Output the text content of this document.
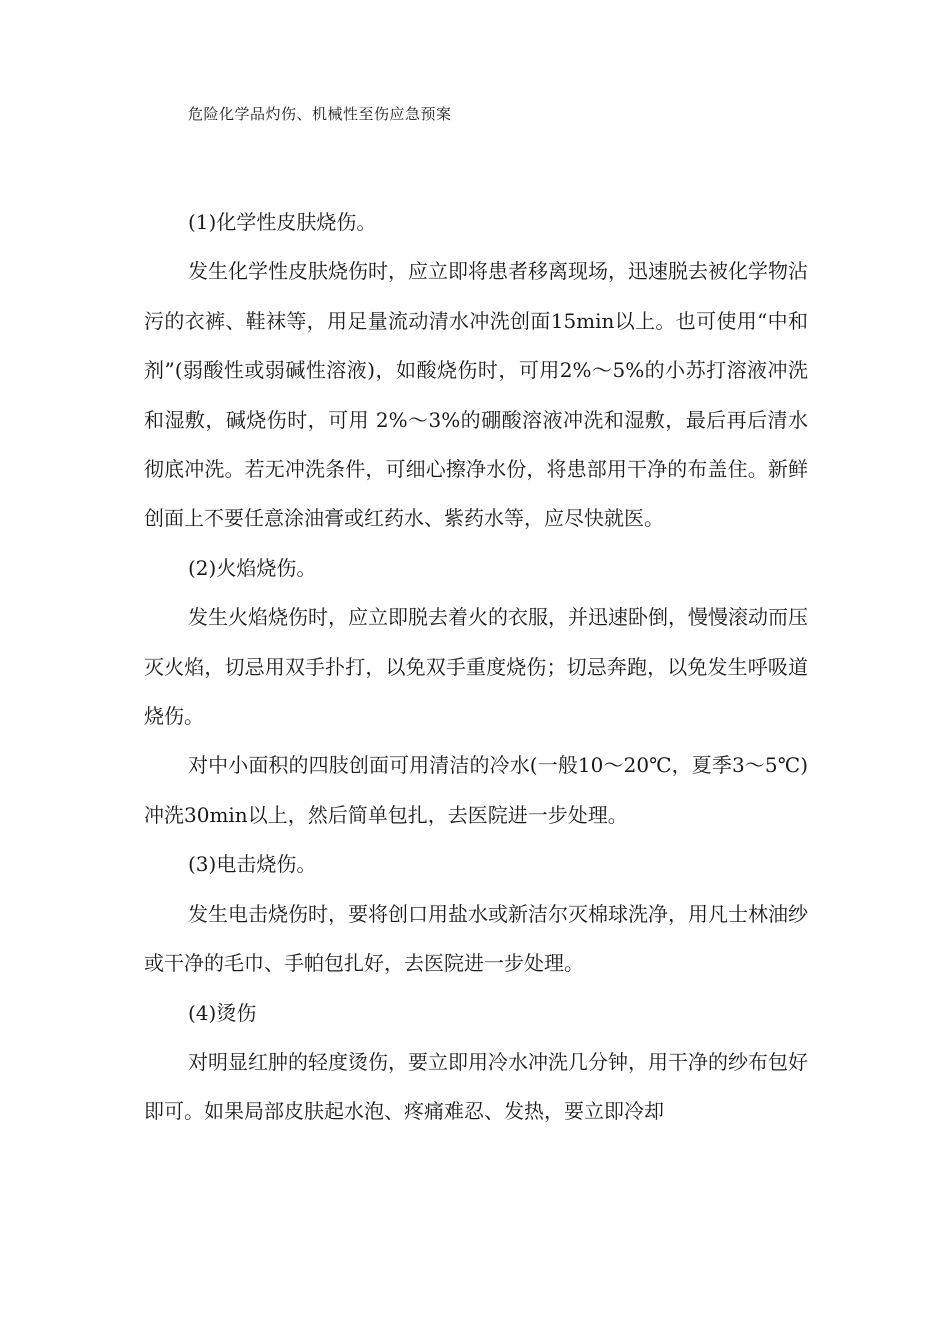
危险化学品灼伤、机械性至伤应急预案

(1)化学性皮肤烧伤。

发生化学性皮肤烧伤时，应立即将患者移离现场，迅速脱去被化学物沾污的衣裤、鞋袜等，用足量流动清水冲洗创面15min以上。也可使用“中和剂”(弱酸性或弱碱性溶液)，如酸烧伤时，可用2%～5%的小苏打溶液冲洗和湿敷，碱烧伤时，可用 2%～3%的硼酸溶液冲洗和湿敷，最后再后清水彻底冲洗。若无冲洗条件，可细心擦净水份，将患部用干净的布盖住。新鲜创面上不要任意涂油膏或红药水、紫药水等，应尽快就医。

(2)火焰烧伤。

发生火焰烧伤时，应立即脱去着火的衣服，并迅速卧倒，慢慢滚动而压灭火焰，切忌用双手扑打，以免双手重度烧伤；切忌奔跑，以免发生呼吸道烧伤。

对中小面积的四肢创面可用清洁的冷水(一般10～20℃，夏季3～5℃)冲洗30min以上，然后简单包扎，去医院进一步处理。

(3)电击烧伤。

发生电击烧伤时，要将创口用盐水或新洁尔灭棉球洗净，用凡士林油纱或干净的毛巾、手帕包扎好，去医院进一步处理。

(4)烫伤

对明显红肿的轻度烫伤，要立即用冷水冲洗几分钟，用干净的纱布包好即可。如果局部皮肤起水泡、疼痛难忍、发热，要立即冷却
